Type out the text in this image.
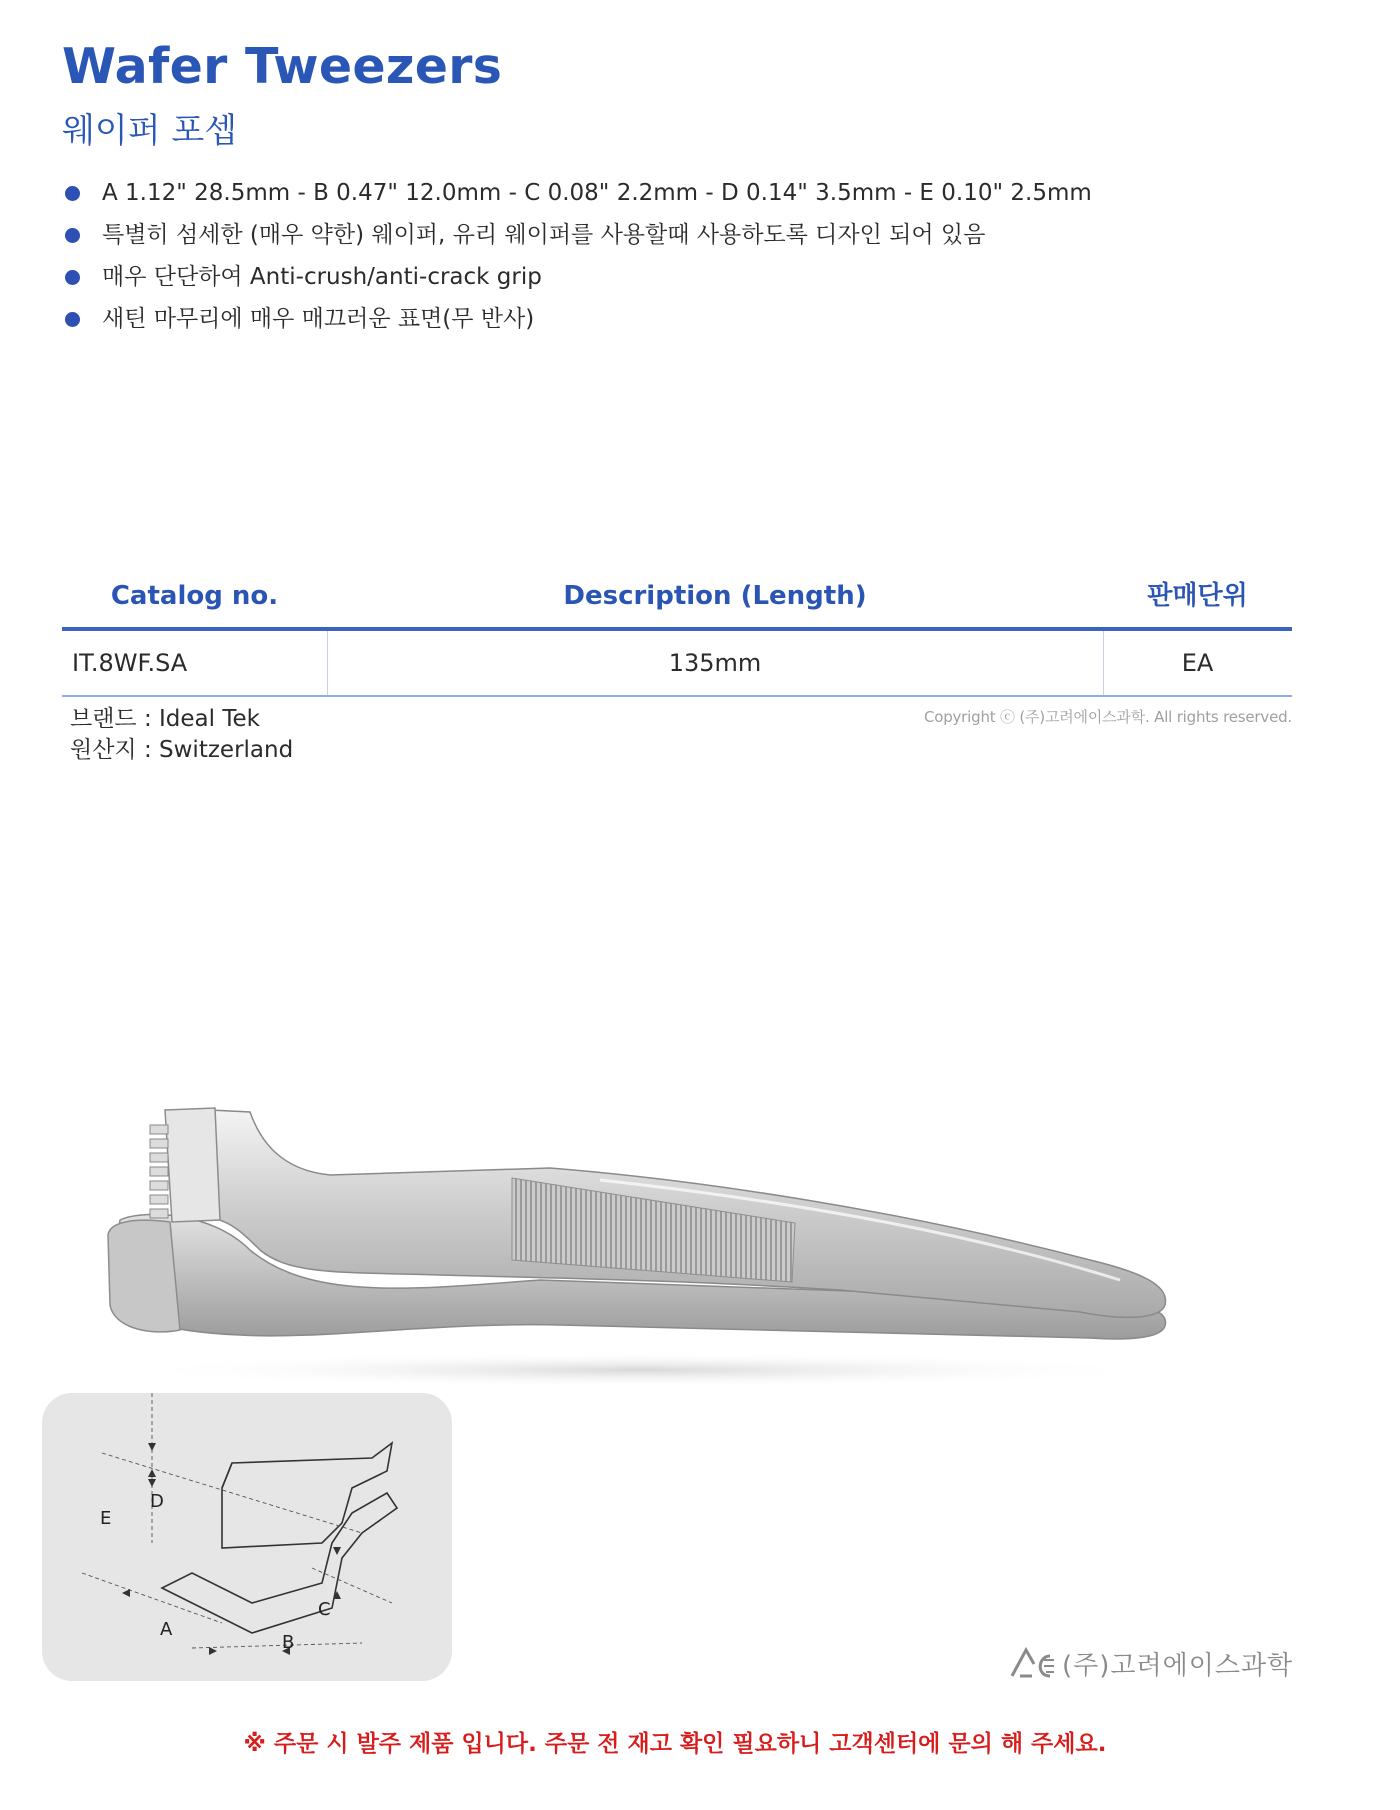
Wafer Tweezers
웨이퍼 포셉
A 1.12" 28.5mm - B 0.47" 12.0mm - C 0.08" 2.2mm - D 0.14" 3.5mm - E 0.10" 2.5mm
특별히 섬세한 (매우 약한) 웨이퍼, 유리 웨이퍼를 사용할때 사용하도록 디자인 되어 있음
매우 단단하여 Anti-crush/anti-crack grip
새틴 마무리에 매우 매끄러운 표면(무 반사)
Catalog no.	Description (Length)	판매단위
IT.8WF.SA	135mm	EA
브랜드 : Ideal Tek
원산지 : Switzerland
Copyright ⓒ (주)고려에이스과학. All rights reserved.
D
E
A
C
B
(주)고려에이스과학
※ 주문 시 발주 제품 입니다. 주문 전 재고 확인 필요하니 고객센터에 문의 해 주세요.
